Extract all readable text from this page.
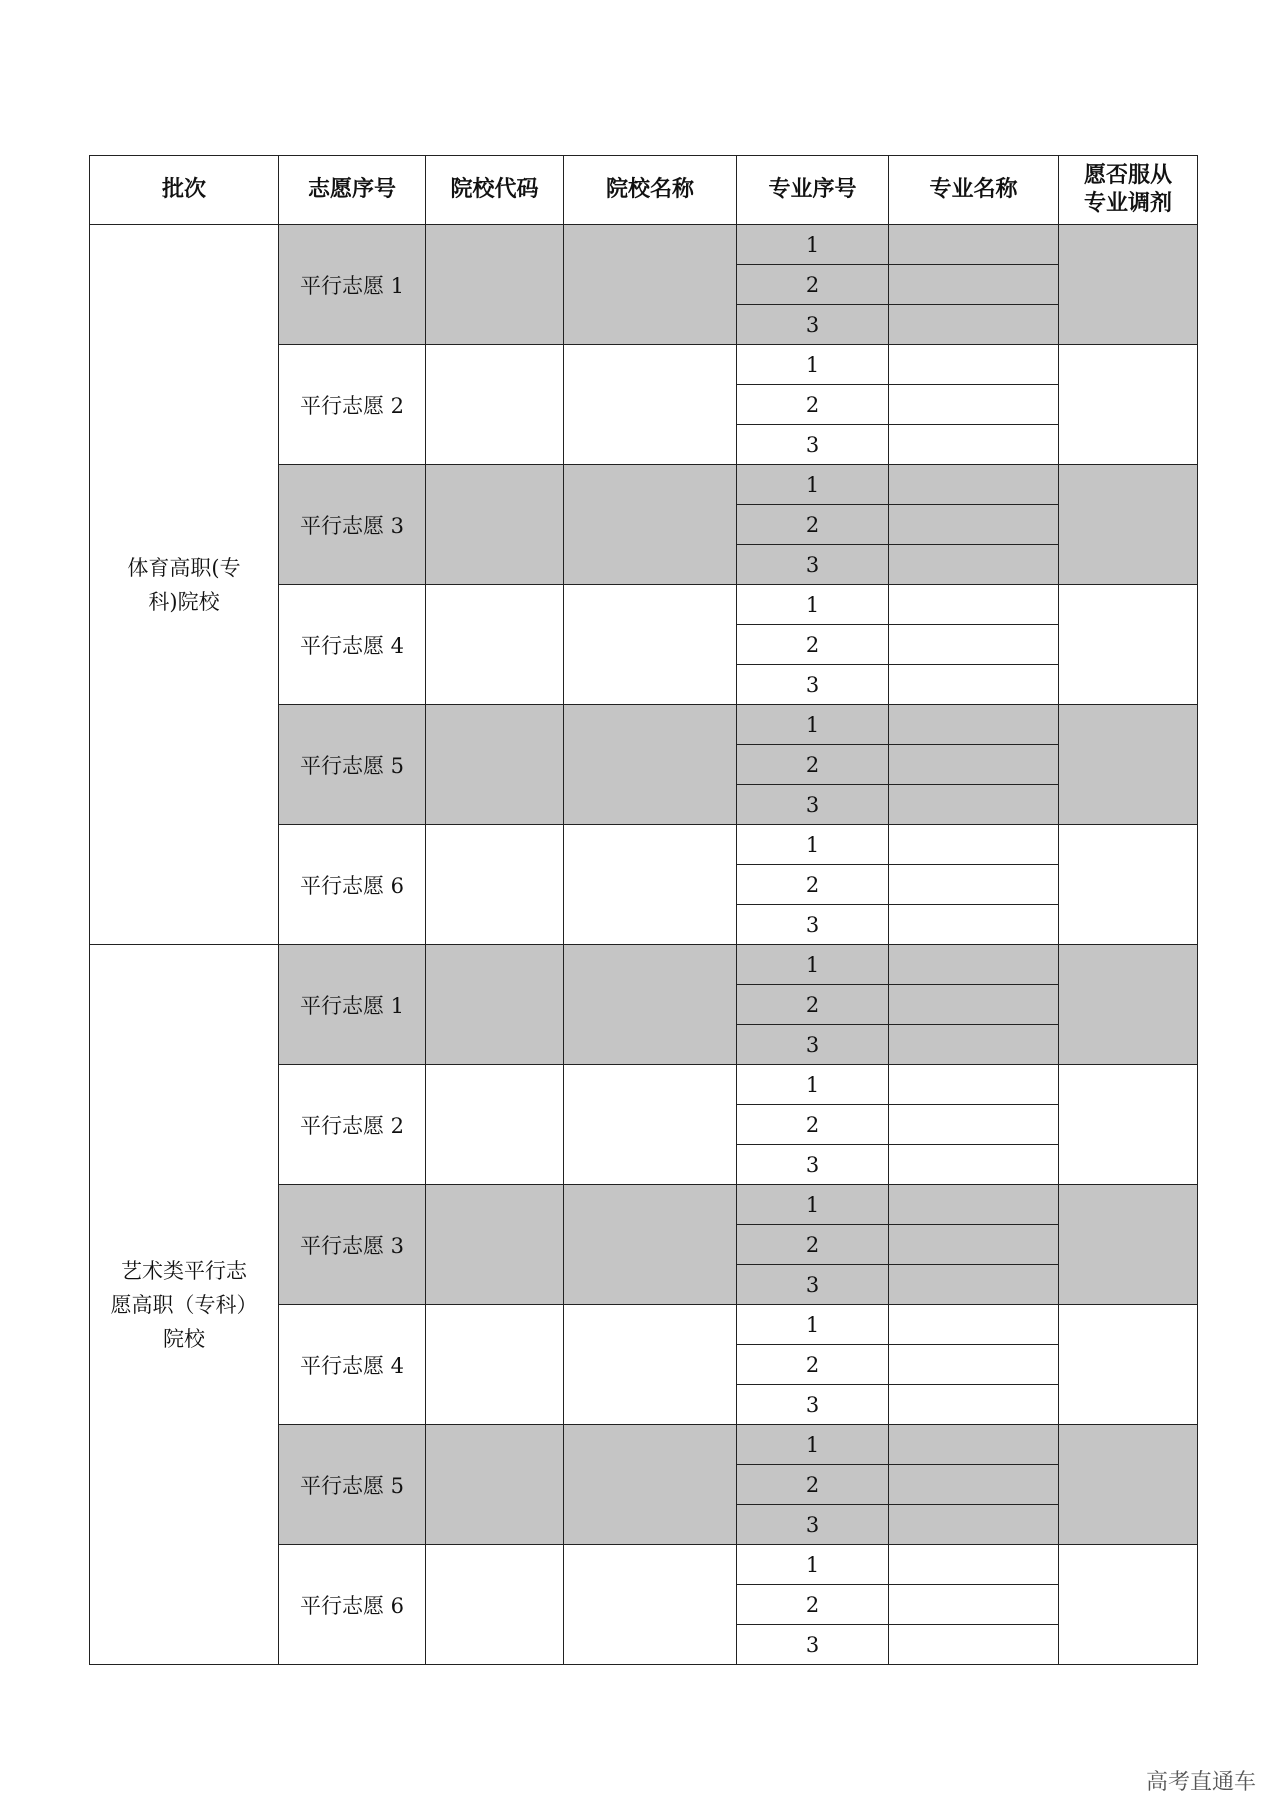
批次	志愿序号	院校代码	院校名称	专业序号	专业名称	愿否服从
专业调剂
体育高职(专
科)院校	平行志愿 1			1		
				2		
				3		
	平行志愿 2			1		
				2		
				3		
	平行志愿 3			1		
				2		
				3		
	平行志愿 4			1		
				2		
				3		
	平行志愿 5			1		
				2		
				3		
	平行志愿 6			1		
				2		
				3		
艺术类平行志
愿高职（专科）
院校	平行志愿 1			1		
				2		
				3		
	平行志愿 2			1		
				2		
				3		
	平行志愿 3			1		
				2		
				3		
	平行志愿 4			1		
				2		
				3		
	平行志愿 5			1		
				2		
				3		
	平行志愿 6			1		
				2		
				3		
高考直通车
